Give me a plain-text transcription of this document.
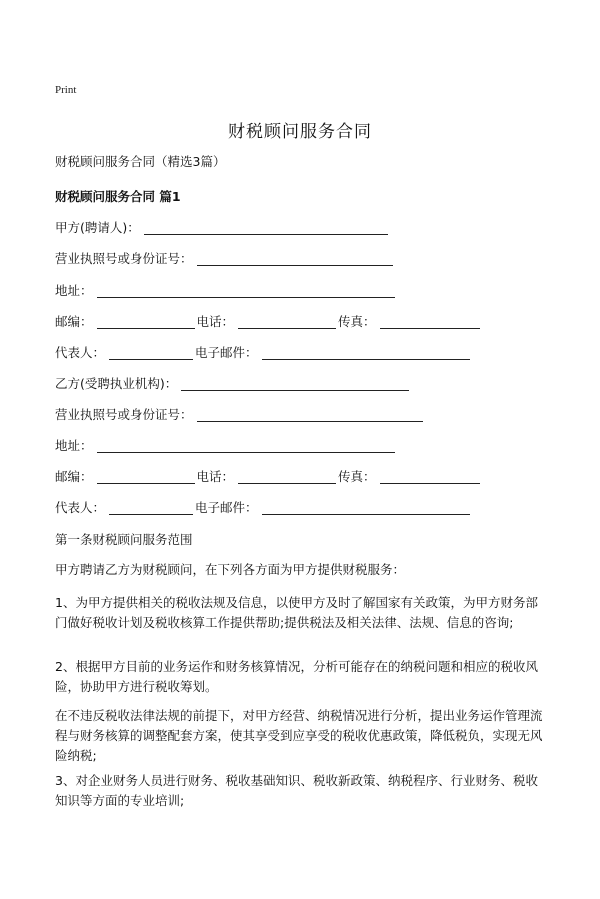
Print
财税顾问服务合同
财税顾问服务合同（精选3篇）
财税顾问服务合同 篇1
甲方(聘请人)：
营业执照号或身份证号：
地址：
邮编：	电话：	传真：
代表人：	电子邮件：
乙方(受聘执业机构)：
营业执照号或身份证号：
地址：
邮编：	电话：	传真：
代表人：	电子邮件：
第一条财税顾问服务范围
甲方聘请乙方为财税顾问，在下列各方面为甲方提供财税服务：
1、为甲方提供相关的税收法规及信息，以使甲方及时了解国家有关政策，为甲方财务部门做好税收计划及税收核算工作提供帮助;提供税法及相关法律、法规、信息的咨询;
2、根据甲方目前的业务运作和财务核算情况，分析可能存在的纳税问题和相应的税收风险，协助甲方进行税收筹划。
在不违反税收法律法规的前提下，对甲方经营、纳税情况进行分析，提出业务运作管理流程与财务核算的调整配套方案，使其享受到应享受的税收优惠政策，降低税负，实现无风险纳税;
3、对企业财务人员进行财务、税收基础知识、税收新政策、纳税程序、行业财务、税收知识等方面的专业培训;
